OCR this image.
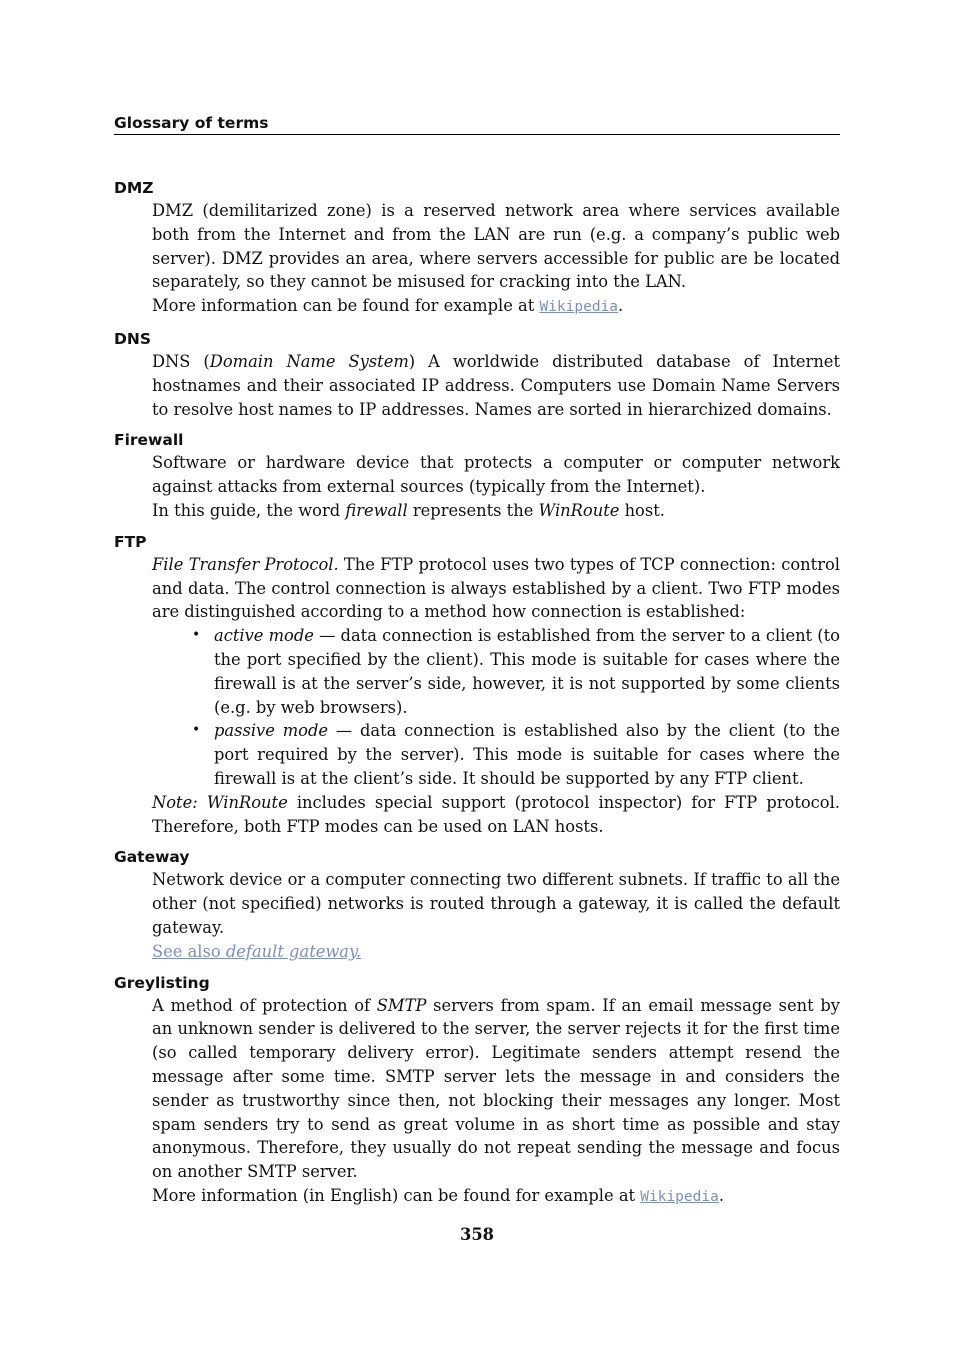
Glossary of terms
DMZ

DMZ (demilitarized zone) is a reserved network area where services available both from the Internet and from the LAN are run (e.g. a company’s public web server). DMZ provides an area, where servers accessible for public are be located separately, so they cannot be misused for cracking into the LAN.

More information can be found for example at Wikipedia.

DNS

DNS (Domain Name System) A worldwide distributed database of Internet hostnames and their associated IP address. Computers use Domain Name Servers to resolve host names to IP addresses. Names are sorted in hierarchized domains.

Firewall

Software or hardware device that protects a computer or computer network against attacks from external sources (typically from the Internet).

In this guide, the word firewall represents the WinRoute host.

FTP

File Transfer Protocol. The FTP protocol uses two types of TCP connection: control and data. The control connection is always established by a client. Two FTP modes are distinguished according to a method how connection is established:

• active mode — data connection is established from the server to a client (to the port specified by the client). This mode is suitable for cases where the firewall is at the server’s side, however, it is not supported by some clients (e.g. by web browsers).
• passive mode — data connection is established also by the client (to the port required by the server). This mode is suitable for cases where the firewall is at the client’s side. It should be supported by any FTP client.

Note: WinRoute includes special support (protocol inspector) for FTP protocol. Therefore, both FTP modes can be used on LAN hosts.

Gateway

Network device or a computer connecting two different subnets. If traffic to all the other (not specified) networks is routed through a gateway, it is called the default gateway.

See also default gateway.

Greylisting

A method of protection of SMTP servers from spam. If an email message sent by an unknown sender is delivered to the server, the server rejects it for the first time (so called temporary delivery error). Legitimate senders attempt resend the message after some time. SMTP server lets the message in and considers the sender as trustworthy since then, not blocking their messages any longer. Most spam senders try to send as great volume in as short time as possible and stay anonymous. Therefore, they usually do not repeat sending the message and focus on another SMTP server.

More information (in English) can be found for example at Wikipedia.

358
